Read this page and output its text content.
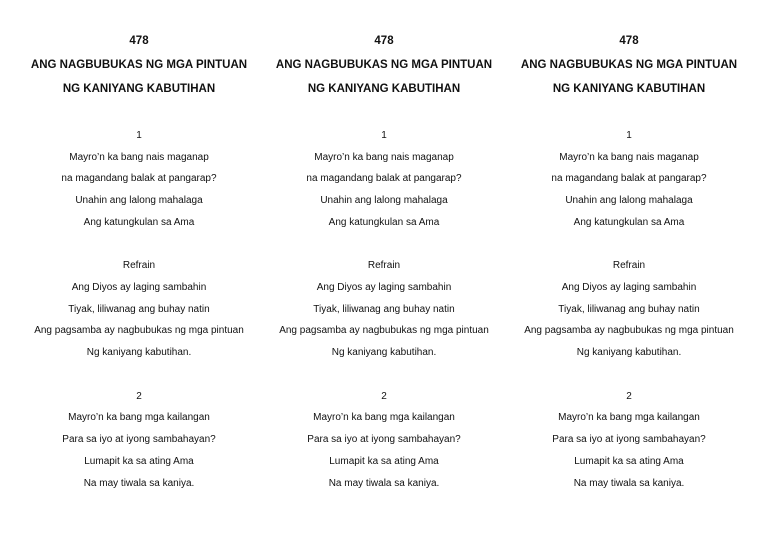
478
ANG NAGBUBUKAS NG MGA PINTUAN
NG KANIYANG KABUTIHAN
1
Mayro’n ka bang nais maganap
na magandang balak at pangarap?
Unahin ang lalong mahalaga
Ang katungkulan sa Ama
Refrain
Ang Diyos ay laging sambahin
Tiyak, liliwanag ang buhay natin
Ang pagsamba ay nagbubukas ng mga pintuan
Ng kaniyang kabutihan.
2
Mayro’n ka bang mga kailangan
Para sa iyo at iyong sambahayan?
Lumapit ka sa ating Ama
Na may tiwala sa kaniya.
478
ANG NAGBUBUKAS NG MGA PINTUAN
NG KANIYANG KABUTIHAN
1
Mayro’n ka bang nais maganap
na magandang balak at pangarap?
Unahin ang lalong mahalaga
Ang katungkulan sa Ama
Refrain
Ang Diyos ay laging sambahin
Tiyak, liliwanag ang buhay natin
Ang pagsamba ay nagbubukas ng mga pintuan
Ng kaniyang kabutihan.
2
Mayro’n ka bang mga kailangan
Para sa iyo at iyong sambahayan?
Lumapit ka sa ating Ama
Na may tiwala sa kaniya.
478
ANG NAGBUBUKAS NG MGA PINTUAN
NG KANIYANG KABUTIHAN
1
Mayro’n ka bang nais maganap
na magandang balak at pangarap?
Unahin ang lalong mahalaga
Ang katungkulan sa Ama
Refrain
Ang Diyos ay laging sambahin
Tiyak, liliwanag ang buhay natin
Ang pagsamba ay nagbubukas ng mga pintuan
Ng kaniyang kabutihan.
2
Mayro’n ka bang mga kailangan
Para sa iyo at iyong sambahayan?
Lumapit ka sa ating Ama
Na may tiwala sa kaniya.
